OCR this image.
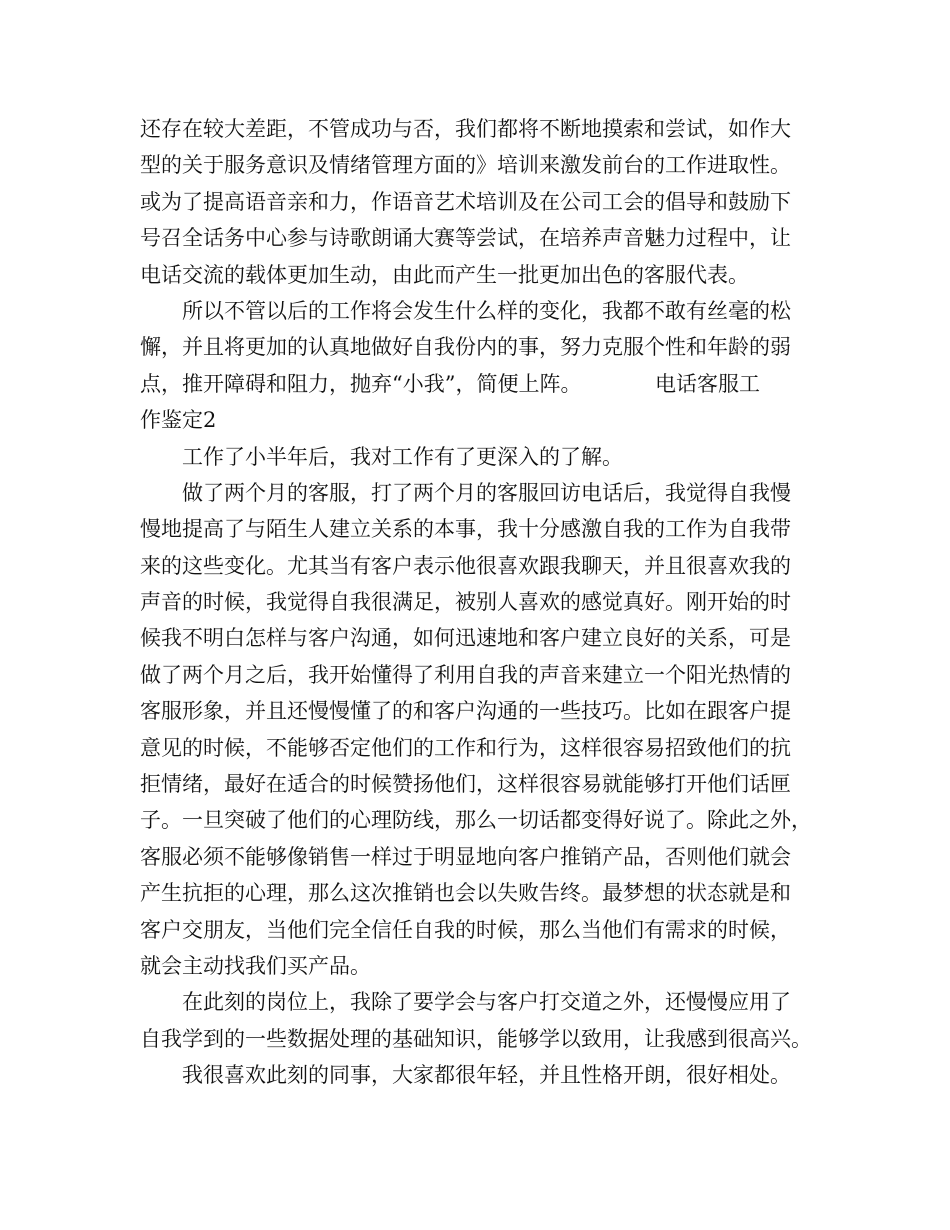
还存在较大差距，不管成功与否，我们都将不断地摸索和尝试，如作大
型的关于服务意识及情绪管理方面的》培训来激发前台的工作进取性。
或为了提高语音亲和力，作语音艺术培训及在公司工会的倡导和鼓励下
号召全话务中心参与诗歌朗诵大赛等尝试，在培养声音魅力过程中，让
电话交流的载体更加生动，由此而产生一批更加出色的客服代表。
所以不管以后的工作将会发生什么样的变化，我都不敢有丝毫的松
懈，并且将更加的认真地做好自我份内的事，努力克服个性和年龄的弱
点，推开障碍和阻力，抛弃“小我”，简便上阵。　　　　电话客服工
作鉴定2
工作了小半年后，我对工作有了更深入的了解。
做了两个月的客服，打了两个月的客服回访电话后，我觉得自我慢
慢地提高了与陌生人建立关系的本事，我十分感激自我的工作为自我带
来的这些变化。尤其当有客户表示他很喜欢跟我聊天，并且很喜欢我的
声音的时候，我觉得自我很满足，被别人喜欢的感觉真好。刚开始的时
候我不明白怎样与客户沟通，如何迅速地和客户建立良好的关系，可是
做了两个月之后，我开始懂得了利用自我的声音来建立一个阳光热情的
客服形象，并且还慢慢懂了的和客户沟通的一些技巧。比如在跟客户提
意见的时候，不能够否定他们的工作和行为，这样很容易招致他们的抗
拒情绪，最好在适合的时候赞扬他们，这样很容易就能够打开他们话匣
子。一旦突破了他们的心理防线，那么一切话都变得好说了。除此之外，
客服必须不能够像销售一样过于明显地向客户推销产品，否则他们就会
产生抗拒的心理，那么这次推销也会以失败告终。最梦想的状态就是和
客户交朋友，当他们完全信任自我的时候，那么当他们有需求的时候，
就会主动找我们买产品。
在此刻的岗位上，我除了要学会与客户打交道之外，还慢慢应用了
自我学到的一些数据处理的基础知识，能够学以致用，让我感到很高兴。
我很喜欢此刻的同事，大家都很年轻，并且性格开朗，很好相处。
